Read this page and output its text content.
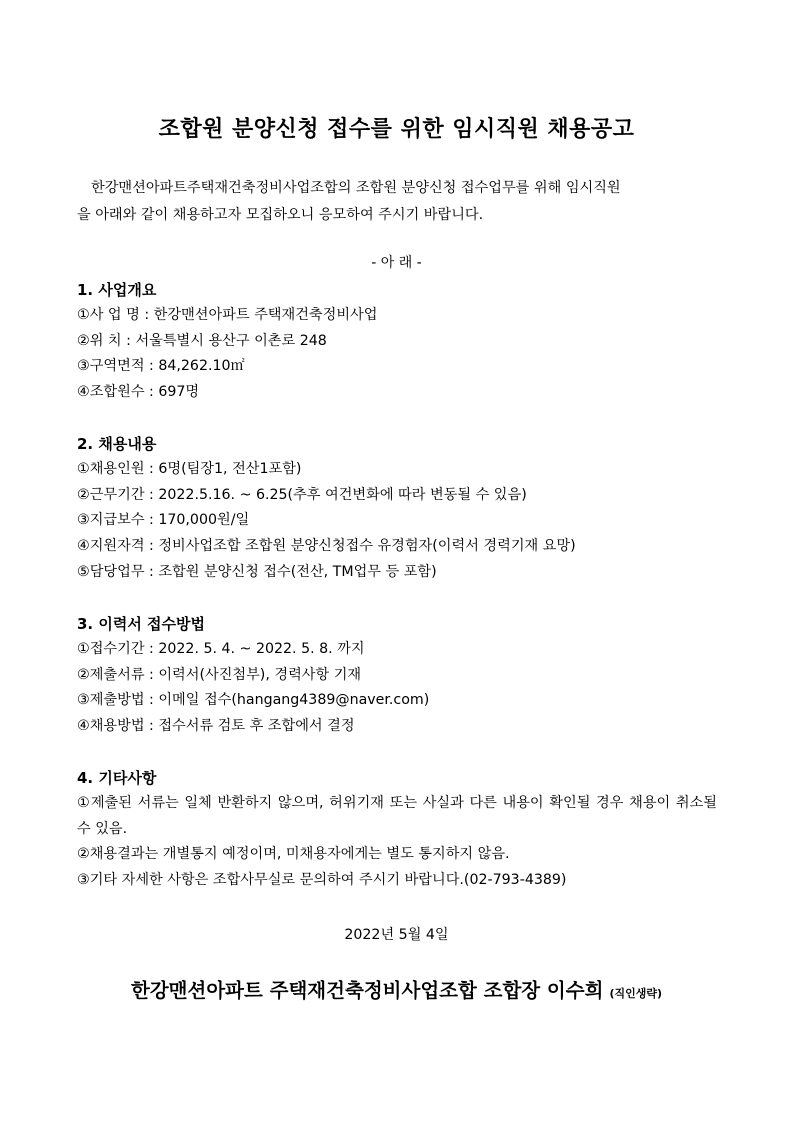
조합원 분양신청 접수를 위한 임시직원 채용공고
한강맨션아파트주택재건축정비사업조합의 조합원 분양신청 접수업무를 위해 임시직원
을 아래와 같이 채용하고자 모집하오니 응모하여 주시기 바랍니다.
- 아 래 -
1. 사업개요
①사 업 명 : 한강맨션아파트 주택재건축정비사업
②위 치 : 서울특별시 용산구 이촌로 248
③구역면적 : 84,262.10㎡
④조합원수 : 697명
2. 채용내용
①채용인원 : 6명(팀장1, 전산1포함)
②근무기간 : 2022.5.16. ~ 6.25(추후 여건변화에 따라 변동될 수 있음)
③지급보수 : 170,000원/일
④지원자격 : 정비사업조합 조합원 분양신청접수 유경험자(이력서 경력기재 요망)
⑤담당업무 : 조합원 분양신청 접수(전산, TM업무 등 포함)
3. 이력서 접수방법
①접수기간 : 2022. 5. 4. ~ 2022. 5. 8. 까지
②제출서류 : 이력서(사진첨부), 경력사항 기재
③제출방법 : 이메일 접수(hangang4389@naver.com)
④채용방법 : 접수서류 검토 후 조합에서 결정
4. 기타사항
①제출된 서류는 일체 반환하지 않으며, 허위기재 또는 사실과 다른 내용이 확인될 경우 채용이 취소될 수 있음.
②채용결과는 개별통지 예정이며, 미채용자에게는 별도 통지하지 않음.
③기타 자세한 사항은 조합사무실로 문의하여 주시기 바랍니다.(02-793-4389)
2022년 5월 4일
한강맨션아파트 주택재건축정비사업조합 조합장 이수희 (직인생략)
